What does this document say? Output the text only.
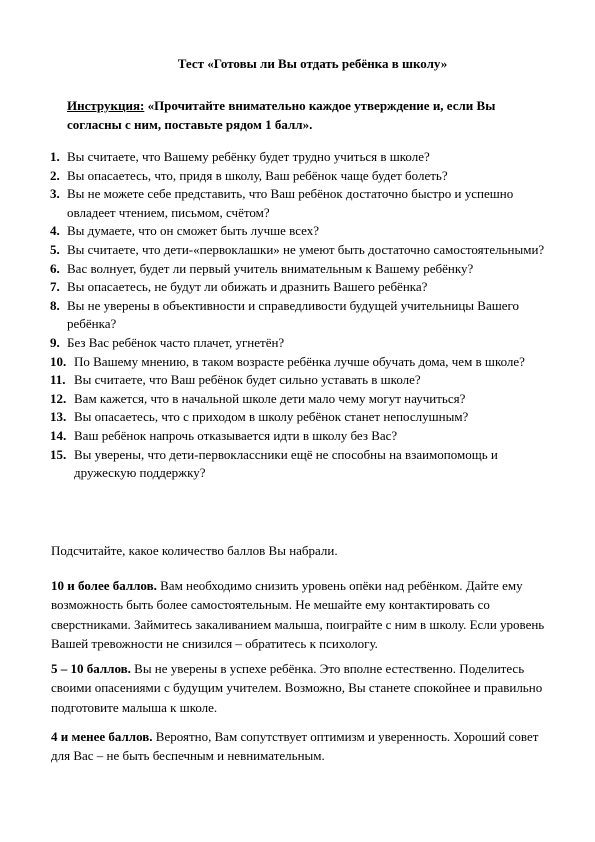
Тест «Готовы ли Вы отдать ребёнка в школу»
Инструкция: «Прочитайте внимательно каждое утверждение и, если Вы согласны с ним, поставьте рядом 1 балл».
1. Вы считаете, что Вашему ребёнку будет трудно учиться в школе?
2. Вы опасаетесь, что, придя в школу, Ваш ребёнок чаще будет болеть?
3. Вы не можете себе представить, что Ваш ребёнок достаточно быстро и успешно овладеет чтением, письмом, счётом?
4. Вы думаете, что он сможет быть лучше всех?
5. Вы считаете, что дети-«первоклашки» не умеют быть достаточно самостоятельными?
6. Вас волнует, будет ли первый учитель внимательным к Вашему ребёнку?
7. Вы опасаетесь, не будут ли обижать и дразнить Вашего ребёнка?
8. Вы не уверены в объективности и справедливости будущей учительницы Вашего ребёнка?
9. Без Вас ребёнок часто плачет, угнетён?
10. По Вашему мнению, в таком возрасте ребёнка лучше обучать дома, чем в школе?
11. Вы считаете, что Ваш ребёнок будет сильно уставать в школе?
12. Вам кажется, что в начальной школе дети мало чему могут научиться?
13. Вы опасаетесь, что с приходом в школу ребёнок станет непослушным?
14. Ваш ребёнок напрочь отказывается идти в школу без Вас?
15. Вы уверены, что дети-первоклассники ещё не способны на взаимопомощь и дружескую поддержку?
Подсчитайте, какое количество баллов Вы набрали.
10 и более баллов. Вам необходимо снизить уровень опёки над ребёнком. Дайте ему возможность быть более самостоятельным. Не мешайте ему контактировать со сверстниками. Займитесь закаливанием малыша, поиграйте с ним в школу. Если уровень Вашей тревожности не снизился – обратитесь к психологу.
5 – 10 баллов. Вы не уверены в успехе ребёнка. Это вполне естественно. Поделитесь своими опасениями с будущим учителем. Возможно, Вы станете спокойнее и правильно подготовите малыша к школе.
4 и менее баллов. Вероятно, Вам сопутствует оптимизм и уверенность. Хороший совет для Вас – не быть беспечным и невнимательным.
